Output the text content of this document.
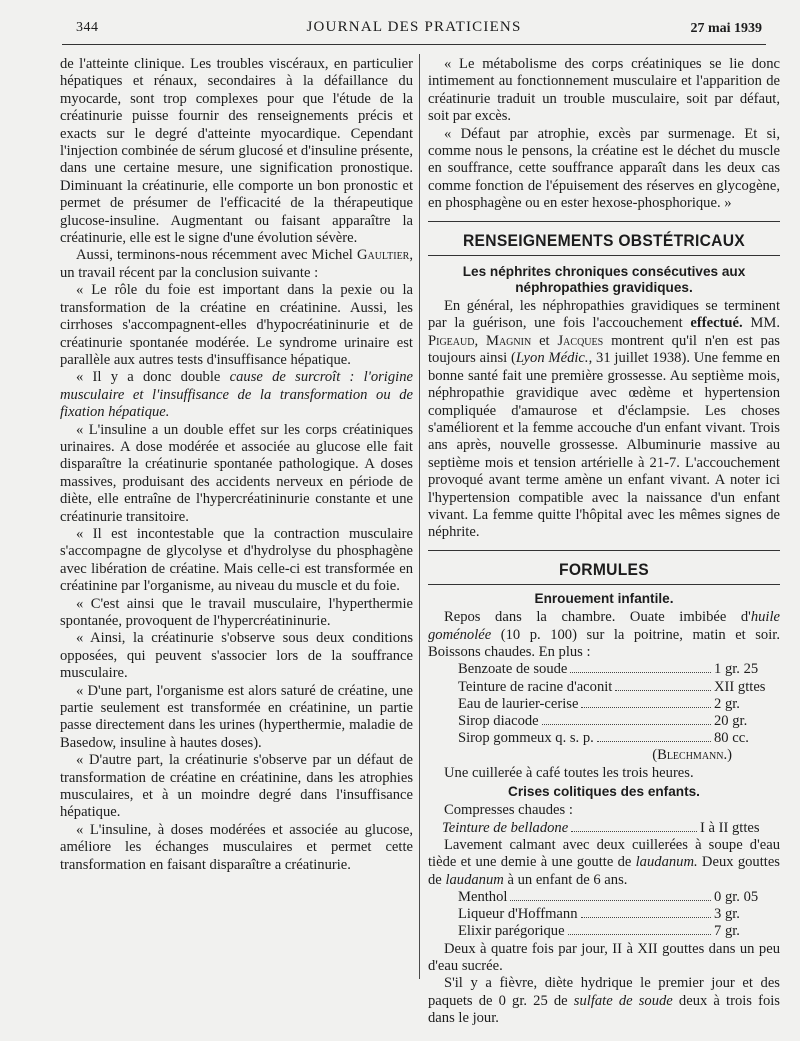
344	JOURNAL DES PRATICIENS	27 mai 1939

de l'atteinte clinique. Les troubles viscéraux, en particulier hépatiques et rénaux, secondaires à la défaillance du myocarde, sont trop complexes pour que l'étude de la créatinurie puisse fournir des renseignements précis et exacts sur le degré d'atteinte myocardique. Cependant l'injection combinée de sérum glucosé et d'insuline présente, dans une certaine mesure, une signification pronostique. Diminuant la créatinurie, elle comporte un bon pronostic et permet de présumer de l'efficacité de la thérapeutique glucose-insuline. Augmentant ou faisant apparaître la créatinurie, elle est le signe d'une évolution sévère.

Aussi, terminons-nous récemment avec Michel Gaultier, un travail récent par la conclusion suivante :

« Le rôle du foie est important dans la pexie ou la transformation de la créatine en créatinine. Aussi, les cirrhoses s'accompagnent-elles d'hypocréatininurie et de créatinurie spontanée modérée. Le syndrome urinaire est parallèle aux autres tests d'insuffisance hépatique.

« Il y a donc double cause de surcroît : l'origine musculaire et l'insuffisance de la transformation ou de fixation hépatique.

« L'insuline a un double effet sur les corps créatiniques urinaires. A dose modérée et associée au glucose elle fait disparaître la créatinurie spontanée pathologique. A doses massives, produisant des accidents nerveux en période de diète, elle entraîne de l'hypercréatininurie constante et une créatinurie transitoire.

« Il est incontestable que la contraction musculaire s'accompagne de glycolyse et d'hydrolyse du phosphagène avec libération de créatine. Mais celle-ci est transformée en créatinine par l'organisme, au niveau du muscle et du foie.

« C'est ainsi que le travail musculaire, l'hyperthermie spontanée, provoquent de l'hypercréatininurie.

« Ainsi, la créatinurie s'observe sous deux conditions opposées, qui peuvent s'associer lors de la souffrance musculaire.

« D'une part, l'organisme est alors saturé de créatine, une partie seulement est transformée en créatinine, un partie passe directement dans les urines (hyperthermie, maladie de Basedow, insuline à hautes doses).

« D'autre part, la créatinurie s'observe par un défaut de transformation de créatine en créatinine, dans les atrophies musculaires, et à un moindre degré dans l'insuffisance hépatique.

« L'insuline, à doses modérées et associée au glucose, améliore les échanges musculaires et permet cette transformation en faisant disparaître a créatinurie.

« Le métabolisme des corps créatiniques se lie donc intimement au fonctionnement musculaire et l'apparition de créatinurie traduit un trouble musculaire, soit par défaut, soit par excès.

« Défaut par atrophie, excès par surmenage. Et si, comme nous le pensons, la créatine est le déchet du muscle en souffrance, cette souffrance apparaît dans les deux cas comme fonction de l'épuisement des réserves en glycogène, en phosphagène ou en ester hexose-phosphorique. »

RENSEIGNEMENTS OBSTÉTRICAUX
Les néphrites chroniques consécutives aux néphropathies gravidiques.

En général, les néphropathies gravidiques se terminent par la guérison, une fois l'accouchement effectué. MM. Pigeaud, Magnin et Jacques montrent qu'il n'en est pas toujours ainsi (Lyon Médic., 31 juillet 1938). Une femme en bonne santé fait une première grossesse. Au septième mois, néphropathie gravidique avec œdème et hypertension compliquée d'amaurose et d'éclampsie. Les choses s'améliorent et la femme accouche d'un enfant vivant. Trois ans après, nouvelle grossesse. Albuminurie massive au septième mois et tension artérielle à 21-7. L'accouchement provoqué avant terme amène un enfant vivant. A noter ici l'hypertension compatible avec la naissance d'un enfant vivant. La femme quitte l'hôpital avec les mêmes signes de néphrite.

FORMULES
Enrouement infantile.

Repos dans la chambre. Ouate imbibée d'huile goménolée (10 p. 100) sur la poitrine, matin et soir. Boissons chaudes. En plus :

Benzoate de soude	1 gr. 25
Teinture de racine d'aconit	XII gttes
Eau de laurier-cerise	2 gr.
Sirop diacode	20 gr.
Sirop gommeux q. s. p.	80 cc.
(Blechmann.)

Une cuillerée à café toutes les trois heures.

Crises colitiques des enfants.

Compresses chaudes :

Teinture de belladone	I à II gttes

Lavement calmant avec deux cuillerées à soupe d'eau tiède et une demie à une goutte de laudanum. Deux gouttes de laudanum à un enfant de 6 ans.

Menthol	0 gr. 05
Liqueur d'Hoffmann	3 gr.
Elixir parégorique	7 gr.

Deux à quatre fois par jour, II à XII gouttes dans un peu d'eau sucrée.

S'il y a fièvre, diète hydrique le premier jour et des paquets de 0 gr. 25 de sulfate de soude deux à trois fois dans le jour.
